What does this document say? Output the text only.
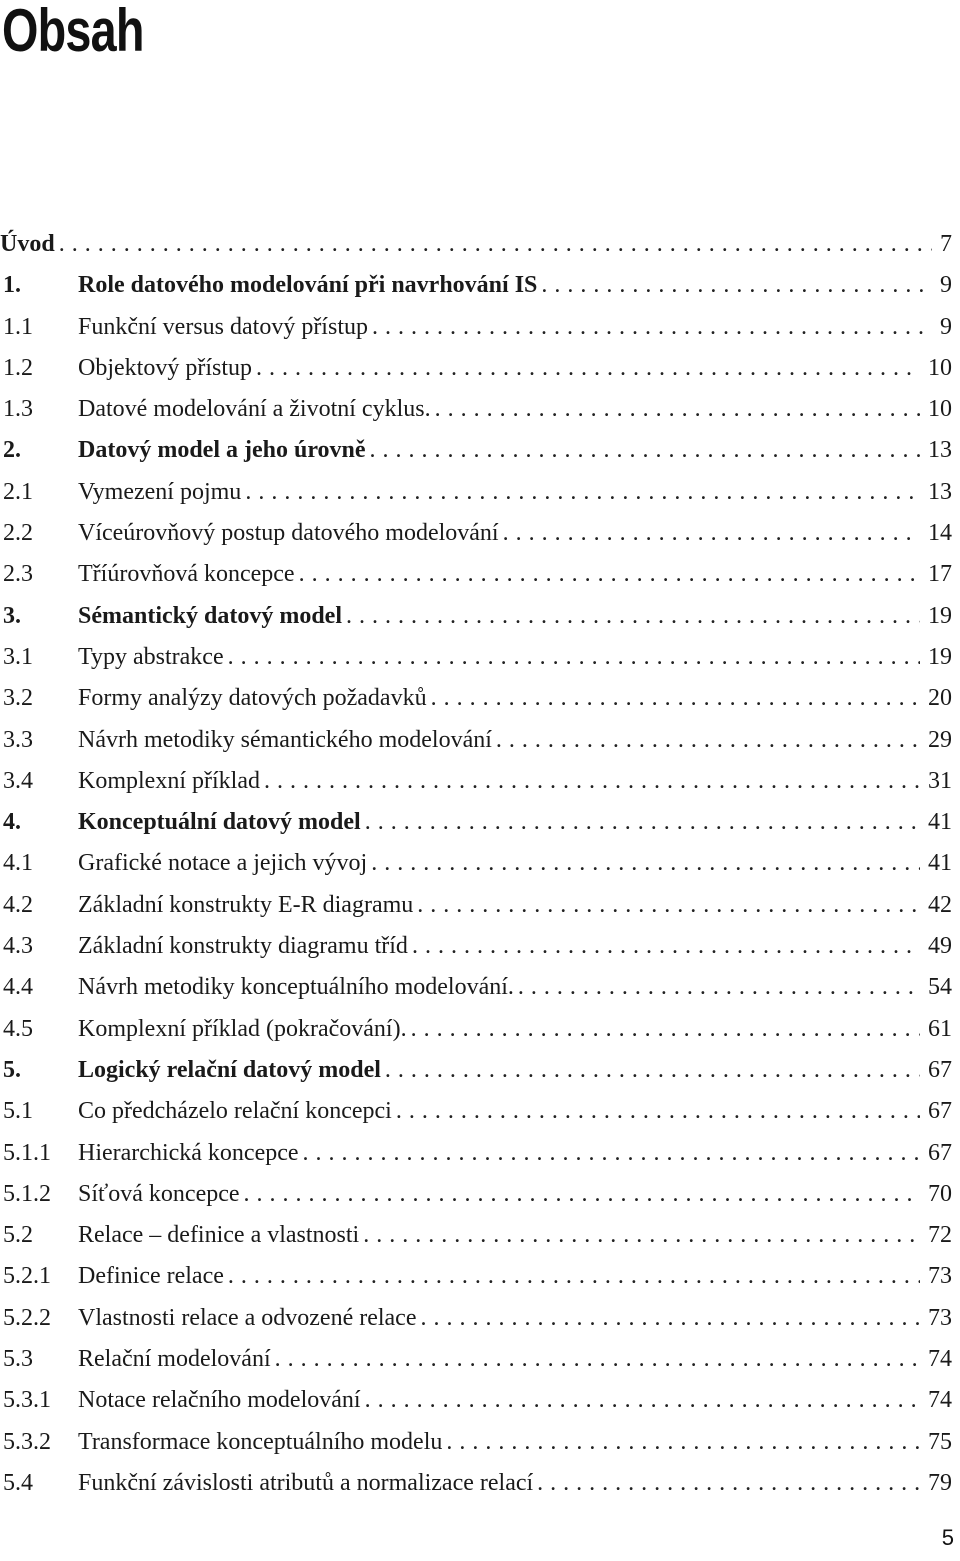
Obsah
Úvod . . .	7
1.	Role datového modelování při navrhování IS . . .	9
1.1	Funkční versus datový přístup . . .	9
1.2	Objektový přístup . . .	10
1.3	Datové modelování a životní cyklus. . . .	10
2.	Datový model a jeho úrovně . . .	13
2.1	Vymezení pojmu . . .	13
2.2	Víceúrovňový postup datového modelování . . .	14
2.3	Tříúrovňová koncepce . . .	17
3.	Sémantický datový model . . .	19
3.1	Typy abstrakce . . .	19
3.2	Formy analýzy datových požadavků . . .	20
3.3	Návrh metodiky sémantického modelování . . .	29
3.4	Komplexní příklad . . .	31
4.	Konceptuální datový model . . .	41
4.1	Grafické notace a jejich vývoj . . .	41
4.2	Základní konstrukty E-R diagramu . . .	42
4.3	Základní konstrukty diagramu tříd . . .	49
4.4	Návrh metodiky konceptuálního modelování. . . .	54
4.5	Komplexní příklad (pokračování). . . .	61
5.	Logický relační datový model . . .	67
5.1	Co předcházelo relační koncepci . . .	67
5.1.1	Hierarchická koncepce . . .	67
5.1.2	Síťová koncepce . . .	70
5.2	Relace – definice a vlastnosti . . .	72
5.2.1	Definice relace . . .	73
5.2.2	Vlastnosti relace a odvozené relace . . .	73
5.3	Relační modelování . . .	74
5.3.1	Notace relačního modelování . . .	74
5.3.2	Transformace konceptuálního modelu . . .	75
5.4	Funkční závislosti atributů a normalizace relací . . .	79
5
